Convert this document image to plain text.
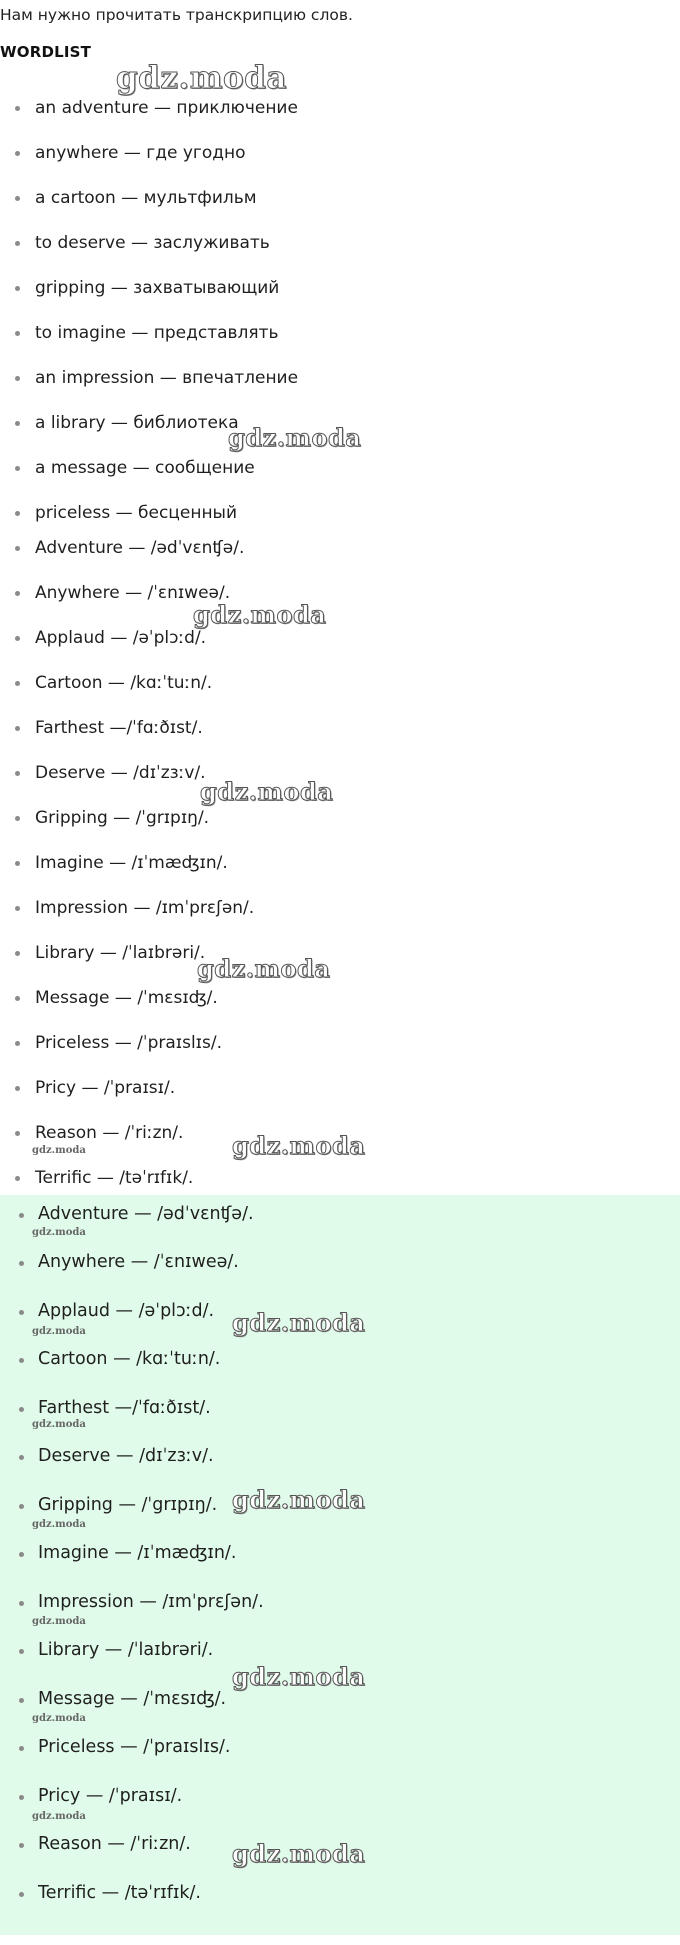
Нам нужно прочитать транскрипцию слов.
WORDLIST
an adventure — приключение
anywhere — где угодно
a cartoon — мультфильм
to deserve — заслуживать
gripping — захватывающий
to imagine — представлять
an impression — впечатление
a library — библиотека
a message — сообщение
priceless — бесценный
Adventure — /ədˈvɛnʧə/.
Anywhere — /ˈɛnɪweə/.
Applaud — /əˈplɔːd/.
Cartoon — /kɑːˈtuːn/.
Farthest —/ˈfɑːðɪst/.
Deserve — /dɪˈzɜːv/.
Gripping — /ˈgrɪpɪŋ/.
Imagine — /ɪˈmæʤɪn/.
Impression — /ɪmˈprɛʃən/.
Library — /ˈlaɪbrəri/.
Message — /ˈmɛsɪʤ/.
Priceless — /ˈpraɪslɪs/.
Pricy — /ˈpraɪsɪ/.
Reason — /ˈriːzn/.
Terrific — /təˈrɪfɪk/.
Adventure — /ədˈvɛnʧə/.
Anywhere — /ˈɛnɪweə/.
Applaud — /əˈplɔːd/.
Cartoon — /kɑːˈtuːn/.
Farthest —/ˈfɑːðɪst/.
Deserve — /dɪˈzɜːv/.
Gripping — /ˈgrɪpɪŋ/.
Imagine — /ɪˈmæʤɪn/.
Impression — /ɪmˈprɛʃən/.
Library — /ˈlaɪbrəri/.
Message — /ˈmɛsɪʤ/.
Priceless — /ˈpraɪslɪs/.
Pricy — /ˈpraɪsɪ/.
Reason — /ˈriːzn/.
Terrific — /təˈrɪfɪk/.
gdz.moda
gdz.moda
gdz.moda
gdz.moda
gdz.moda
gdz.moda
gdz.moda
gdz.moda
gdz.moda
gdz.moda
gdz.moda
gdz.moda
gdz.moda
gdz.moda
gdz.moda
gdz.moda
gdz.moda
gdz.moda
